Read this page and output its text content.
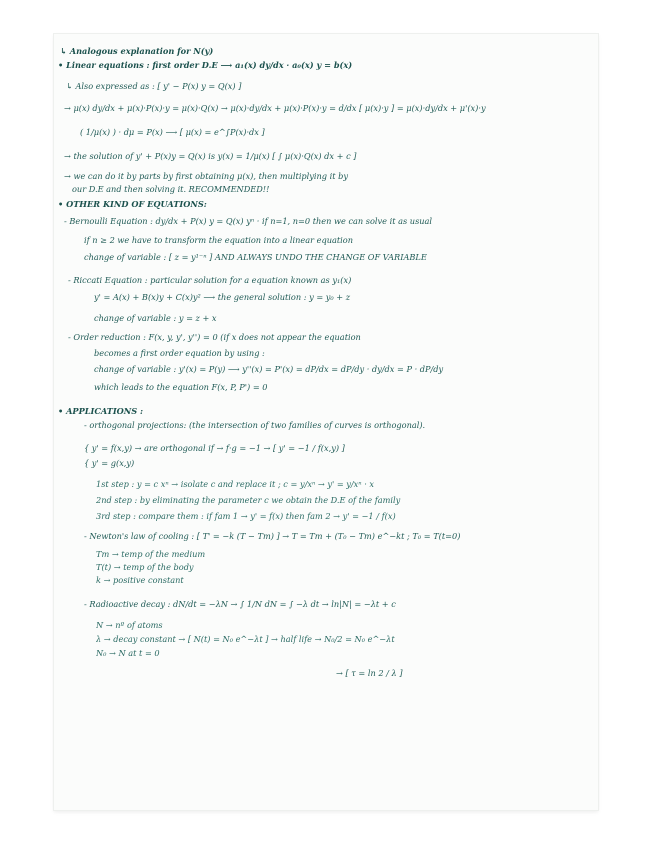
↳ Analogous explanation for N(y)
• Linear equations : first order D.E ⟶ a₁(x) dy/dx · a₀(x) y = b(x)
↳ Also expressed as : [ y' − P(x) y = Q(x) ]
→ μ(x) dy/dx + μ(x)·P(x)·y = μ(x)·Q(x) → μ(x)·dy/dx + μ(x)·P(x)·y = d/dx [ μ(x)·y ] = μ(x)·dy/dx + μ'(x)·y
( 1/μ(x) ) · dμ = P(x) ⟶ [ μ(x) = e^∫P(x)·dx ]
→ the solution of y' + P(x)y = Q(x) is y(x) = 1/μ(x) [ ∫ μ(x)·Q(x) dx + c ]
→ we can do it by parts by first obtaining μ(x), then multiplying it by
our D.E and then solving it. RECOMMENDED!!
• OTHER KIND OF EQUATIONS:
- Bernoulli Equation : dy/dx + P(x) y = Q(x) yⁿ · if n=1, n=0 then we can solve it as usual
if n ≥ 2 we have to transform the equation into a linear equation
change of variable : [ z = y¹⁻ⁿ ] AND ALWAYS UNDO THE CHANGE OF VARIABLE
- Riccati Equation : particular solution for a equation known as y₁(x)
y' = A(x) + B(x)y + C(x)y² ⟶ the general solution : y = y₀ + z
change of variable : y = z + x
- Order reduction : F(x, y, y', y'') = 0 (if x does not appear the equation
becomes a first order equation by using :
change of variable : y'(x) = P(y) ⟶ y''(x) = P'(x) = dP/dx = dP/dy · dy/dx = P · dP/dy
which leads to the equation F(x, P, P') = 0
• APPLICATIONS :
- orthogonal projections: (the intersection of two families of curves is orthogonal).
{ y' = f(x,y) → are orthogonal if → f·g = −1 → [ y' = −1 / f(x,y) ]
{ y' = g(x,y)
1st step : y = c xⁿ → isolate c and replace it ; c = y/xⁿ → y' = y/xⁿ · x
2nd step : by eliminating the parameter c we obtain the D.E of the family
3rd step : compare them : if fam 1 → y' = f(x) then fam 2 → y' = −1 / f(x)
- Newton's law of cooling : [ T' = −k (T − Tm) ] → T = Tm + (T₀ − Tm) e^−kt ; T₀ = T(t=0)
Tm → temp of the medium
T(t) → temp of the body
k → positive constant
- Radioactive decay : dN/dt = −λN → ∫ 1/N dN = ∫ −λ dt → ln|N| = −λt + c
N → nº of atoms
λ → decay constant → [ N(t) = N₀ e^−λt ] → half life → N₀/2 = N₀ e^−λt
N₀ → N at t = 0
→ [ τ = ln 2 / λ ]
